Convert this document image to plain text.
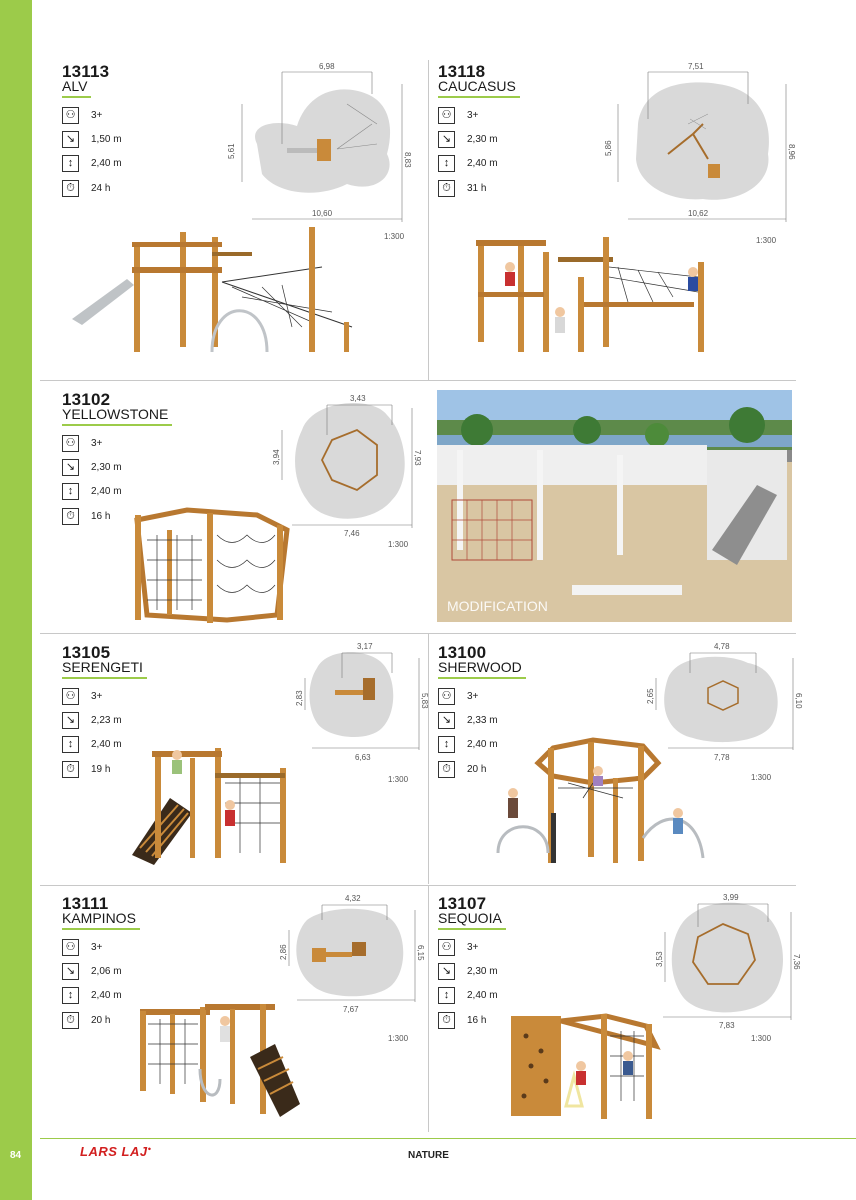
13113
ALV
⚇	3+
↘	1,50 m
↕	2,40 m
⏱	24 h
6,98
5,61
8,83
10,60
1:300
13118
CAUCASUS
⚇	3+
↘	2,30 m
↕	2,40 m
⏱	31 h
7,51
5,86	8,96
10,62
1:300
13102
YELLOWSTONE
⚇	3+
↘	2,30 m
↕	2,40 m
⏱	16 h
3,43
3,94	7,93
7,46
1:300
MODIFICATION
13105
SERENGETI
⚇	3+
↘	2,23 m
↕	2,40 m
⏱	19 h
3,17
2,83	5,83
6,63
1:300
13100
SHERWOOD
⚇	3+
↘	2,33 m
↕	2,40 m
⏱	20 h
4,78
2,65	6,10
7,78
1:300
13111
KAMPINOS
⚇	3+
↘	2,06 m
↕	2,40 m
⏱	20 h
4,32
2,86	6,15
7,67
1:300
13107
SEQUOIA
⚇	3+
↘	2,30 m
↕	2,40 m
⏱	16 h
3,99
3,53	7,36
7,83
1:300
84	LARS LAJ●
NATURE
